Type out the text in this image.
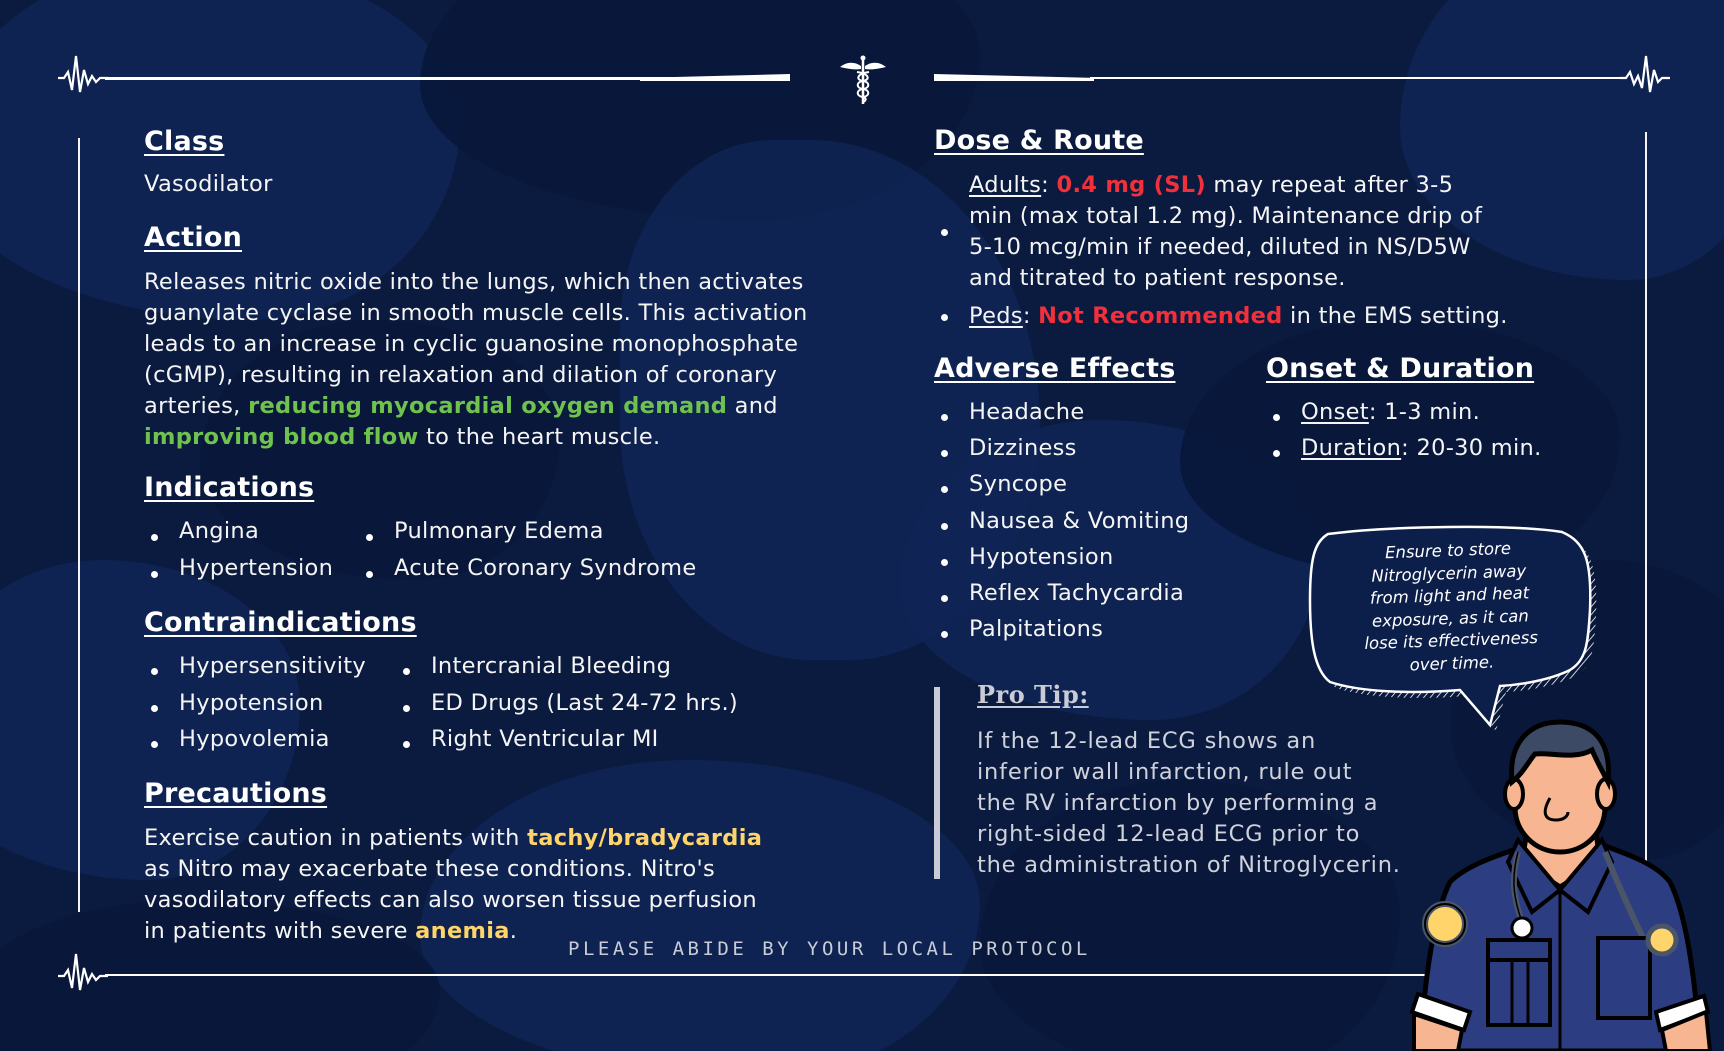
Class
Vasodilator
Action
Releases nitric oxide into the lungs, which then activates
guanylate cyclase in smooth muscle cells. This activation
leads to an increase in cyclic guanosine monophosphate
(cGMP), resulting in relaxation and dilation of coronary
arteries, reducing myocardial oxygen demand and
improving blood flow to the heart muscle.
Indications
Angina
Hypertension
Pulmonary Edema
Acute Coronary Syndrome
Contraindications
Hypersensitivity
Hypotension
Hypovolemia
Intercranial Bleeding
ED Drugs (Last 24-72 hrs.)
Right Ventricular MI
Precautions
Exercise caution in patients with tachy/bradycardia
as Nitro may exacerbate these conditions. Nitro's
vasodilatory effects can also worsen tissue perfusion
in patients with severe anemia.
PLEASE ABIDE BY YOUR LOCAL PROTOCOL
Dose & Route
Adults: 0.4 mg (SL) may repeat after 3-5
min (max total 1.2 mg). Maintenance drip of
5-10 mcg/min if needed, diluted in NS/D5W
and titrated to patient response.
Peds: Not Recommended in the EMS setting.
Adverse Effects
Headache
Dizziness
Syncope
Nausea & Vomiting
Hypotension
Reflex Tachycardia
Palpitations
Onset & Duration
Onset: 1-3 min.
Duration: 20-30 min.
Ensure to store
Nitroglycerin away
from light and heat
exposure, as it can
lose its effectiveness
over time.
Pro Tip:
If the 12-lead ECG shows an
inferior wall infarction, rule out
the RV infarction by performing a
right-sided 12-lead ECG prior to
the administration of Nitroglycerin.
